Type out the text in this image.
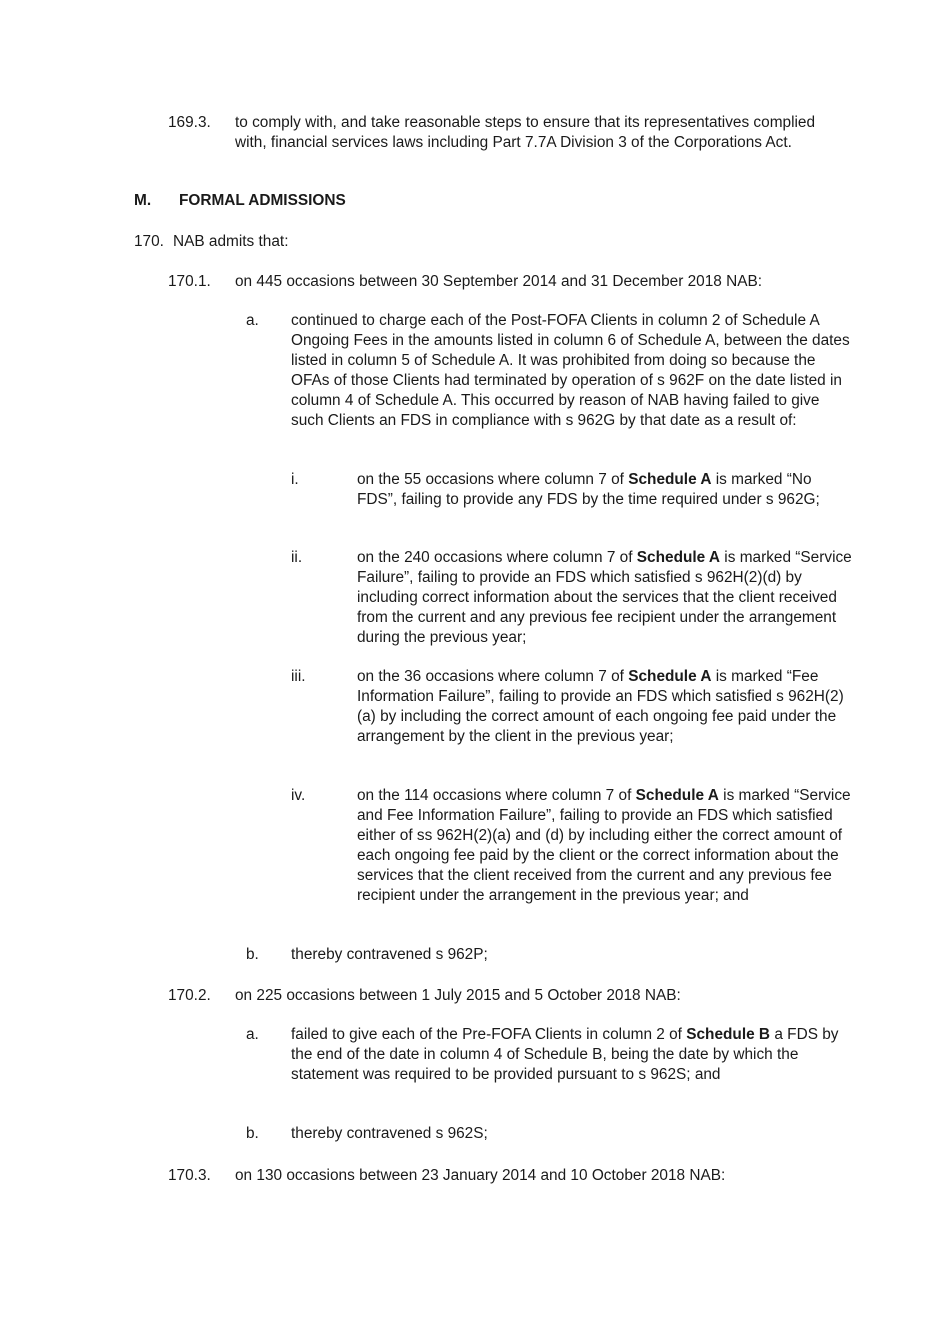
169.3. to comply with, and take reasonable steps to ensure that its representatives complied with, financial services laws including Part 7.7A Division 3 of the Corporations Act.

M. FORMAL ADMISSIONS
170. NAB admits that:
170.1. on 445 occasions between 30 September 2014 and 31 December 2018 NAB:
a. continued to charge each of the Post-FOFA Clients in column 2 of Schedule A Ongoing Fees in the amounts listed in column 6 of Schedule A, between the dates listed in column 5 of Schedule A. It was prohibited from doing so because the OFAs of those Clients had terminated by operation of s 962F on the date listed in column 4 of Schedule A. This occurred by reason of NAB having failed to give such Clients an FDS in compliance with s 962G by that date as a result of:

i.	on the 55 occasions where column 7 of Schedule A is marked “No FDS”, failing to provide any FDS by the time required under s 962G;

ii.	on the 240 occasions where column 7 of Schedule A is marked “Service Failure”, failing to provide an FDS which satisfied s 962H(2)(d) by including correct information about the services that the client received from the current and any previous fee recipient under the arrangement during the previous year;

iii.	on the 36 occasions where column 7 of Schedule A is marked “Fee Information Failure”, failing to provide an FDS which satisfied s 962H(2)(a) by including the correct amount of each ongoing fee paid under the arrangement by the client in the previous year;

iv.	on the 114 occasions where column 7 of Schedule A is marked “Service and Fee Information Failure”, failing to provide an FDS which satisfied either of ss 962H(2)(a) and (d) by including either the correct amount of each ongoing fee paid by the client or the correct information about the services that the client received from the current and any previous fee recipient under the arrangement in the previous year; and

b. thereby contravened s 962P;
170.2. on 225 occasions between 1 July 2015 and 5 October 2018 NAB:
a. failed to give each of the Pre-FOFA Clients in column 2 of Schedule B a FDS by the end of the date in column 4 of Schedule B, being the date by which the statement was required to be provided pursuant to s 962S; and

b. thereby contravened s 962S;
170.3. on 130 occasions between 23 January 2014 and 10 October 2018 NAB:
